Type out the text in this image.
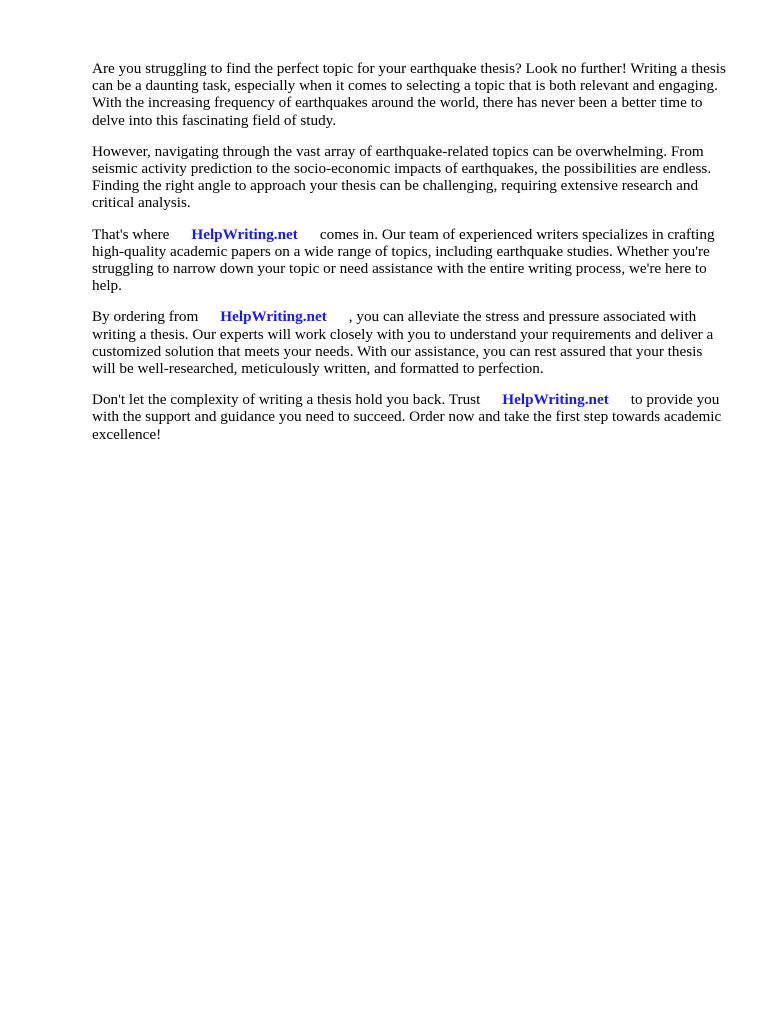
Are you struggling to find the perfect topic for your earthquake thesis? Look no further! Writing a thesis can be a daunting task, especially when it comes to selecting a topic that is both relevant and engaging. With the increasing frequency of earthquakes around the world, there has never been a better time to delve into this fascinating field of study.

However, navigating through the vast array of earthquake-related topics can be overwhelming. From seismic activity prediction to the socio-economic impacts of earthquakes, the possibilities are endless. Finding the right angle to approach your thesis can be challenging, requiring extensive research and critical analysis.

That's where HelpWriting.net comes in. Our team of experienced writers specializes in crafting high-quality academic papers on a wide range of topics, including earthquake studies. Whether you're struggling to narrow down your topic or need assistance with the entire writing process, we're here to help.

By ordering from HelpWriting.net , you can alleviate the stress and pressure associated with writing a thesis. Our experts will work closely with you to understand your requirements and deliver a customized solution that meets your needs. With our assistance, you can rest assured that your thesis will be well-researched, meticulously written, and formatted to perfection.

Don't let the complexity of writing a thesis hold you back. Trust HelpWriting.net to provide you with the support and guidance you need to succeed. Order now and take the first step towards academic excellence!
